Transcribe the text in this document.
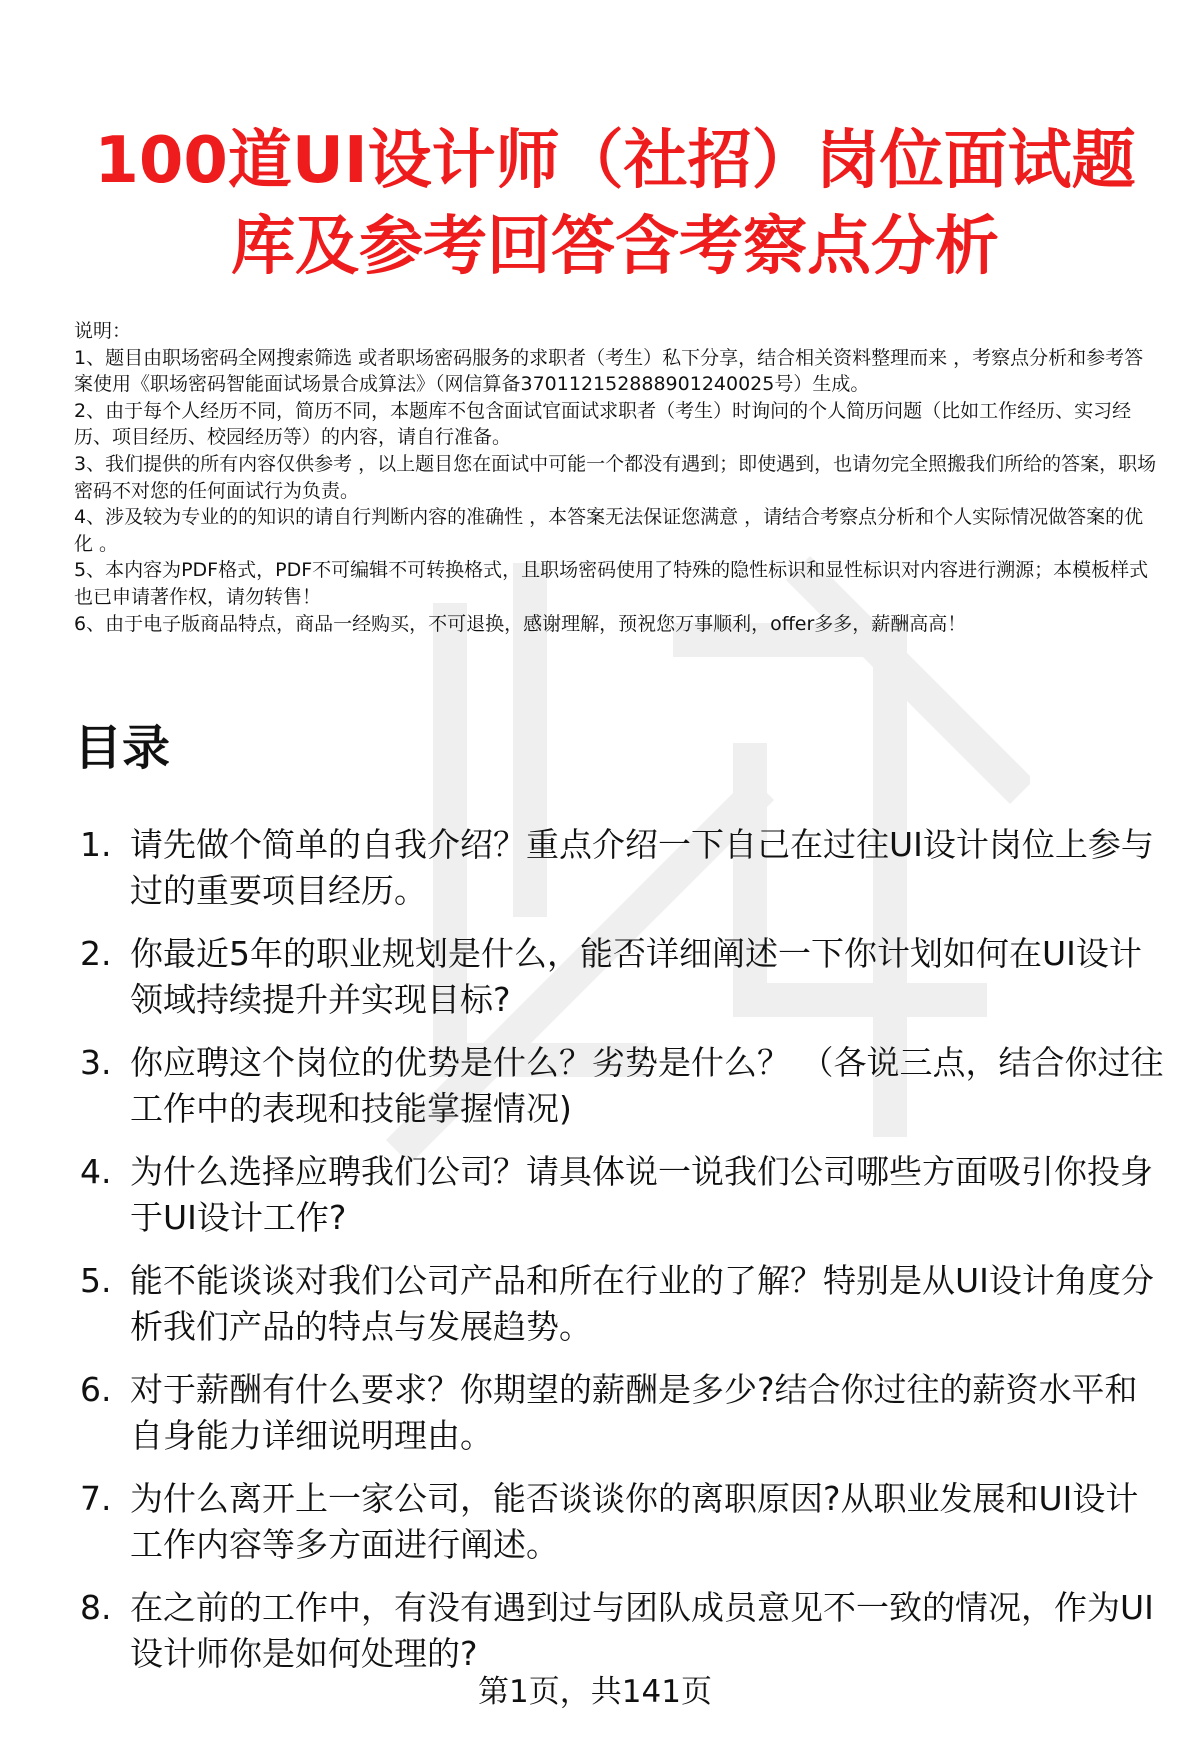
100道UI设计师（社招）岗位面试题
库及参考回答含考察点分析

说明：

1、题目由职场密码全网搜索筛选 或者职场密码服务的求职者（考生）私下分享，结合相关资料整理而来 ，考察点分析和参考答案使用《职场密码智能面试场景合成算法》（网信算备370112152888901240025号）生成。

2、由于每个人经历不同，简历不同，本题库不包含面试官面试求职者（考生）时询问的个人简历问题（比如工作经历、实习经历、项目经历、校园经历等）的内容，请自行准备。

3、我们提供的所有内容仅供参考 ，以上题目您在面试中可能一个都没有遇到；即使遇到，也请勿完全照搬我们所给的答案，职场密码不对您的任何面试行为负责。

4、涉及较为专业的的知识的请自行判断内容的准确性 ，本答案无法保证您满意 ，请结合考察点分析和个人实际情况做答案的优化 。

5、本内容为PDF格式，PDF不可编辑不可转换格式，且职场密码使用了特殊的隐性标识和显性标识对内容进行溯源；本模板样式也已申请著作权，请勿转售！

6、由于电子版商品特点，商品一经购买，不可退换，感谢理解，预祝您万事顺利，offer多多，薪酬高高！

目录
1. 请先做个简单的自我介绍？重点介绍一下自己在过往UI设计岗位上参与过的重要项目经历。
2. 你最近5年的职业规划是什么，能否详细阐述一下你计划如何在UI设计领域持续提升并实现目标?
3. 你应聘这个岗位的优势是什么？劣势是什么？ （各说三点，结合你过往工作中的表现和技能掌握情况)
4. 为什么选择应聘我们公司？请具体说一说我们公司哪些方面吸引你投身于UI设计工作?
5. 能不能谈谈对我们公司产品和所在行业的了解？特别是从UI设计角度分析我们产品的特点与发展趋势。
6. 对于薪酬有什么要求？你期望的薪酬是多少?结合你过往的薪资水平和自身能力详细说明理由。
7. 为什么离开上一家公司，能否谈谈你的离职原因?从职业发展和UI设计工作内容等多方面进行阐述。
8. 在之前的工作中，有没有遇到过与团队成员意见不一致的情况，作为UI设计师你是如何处理的?
第1页，共141页
